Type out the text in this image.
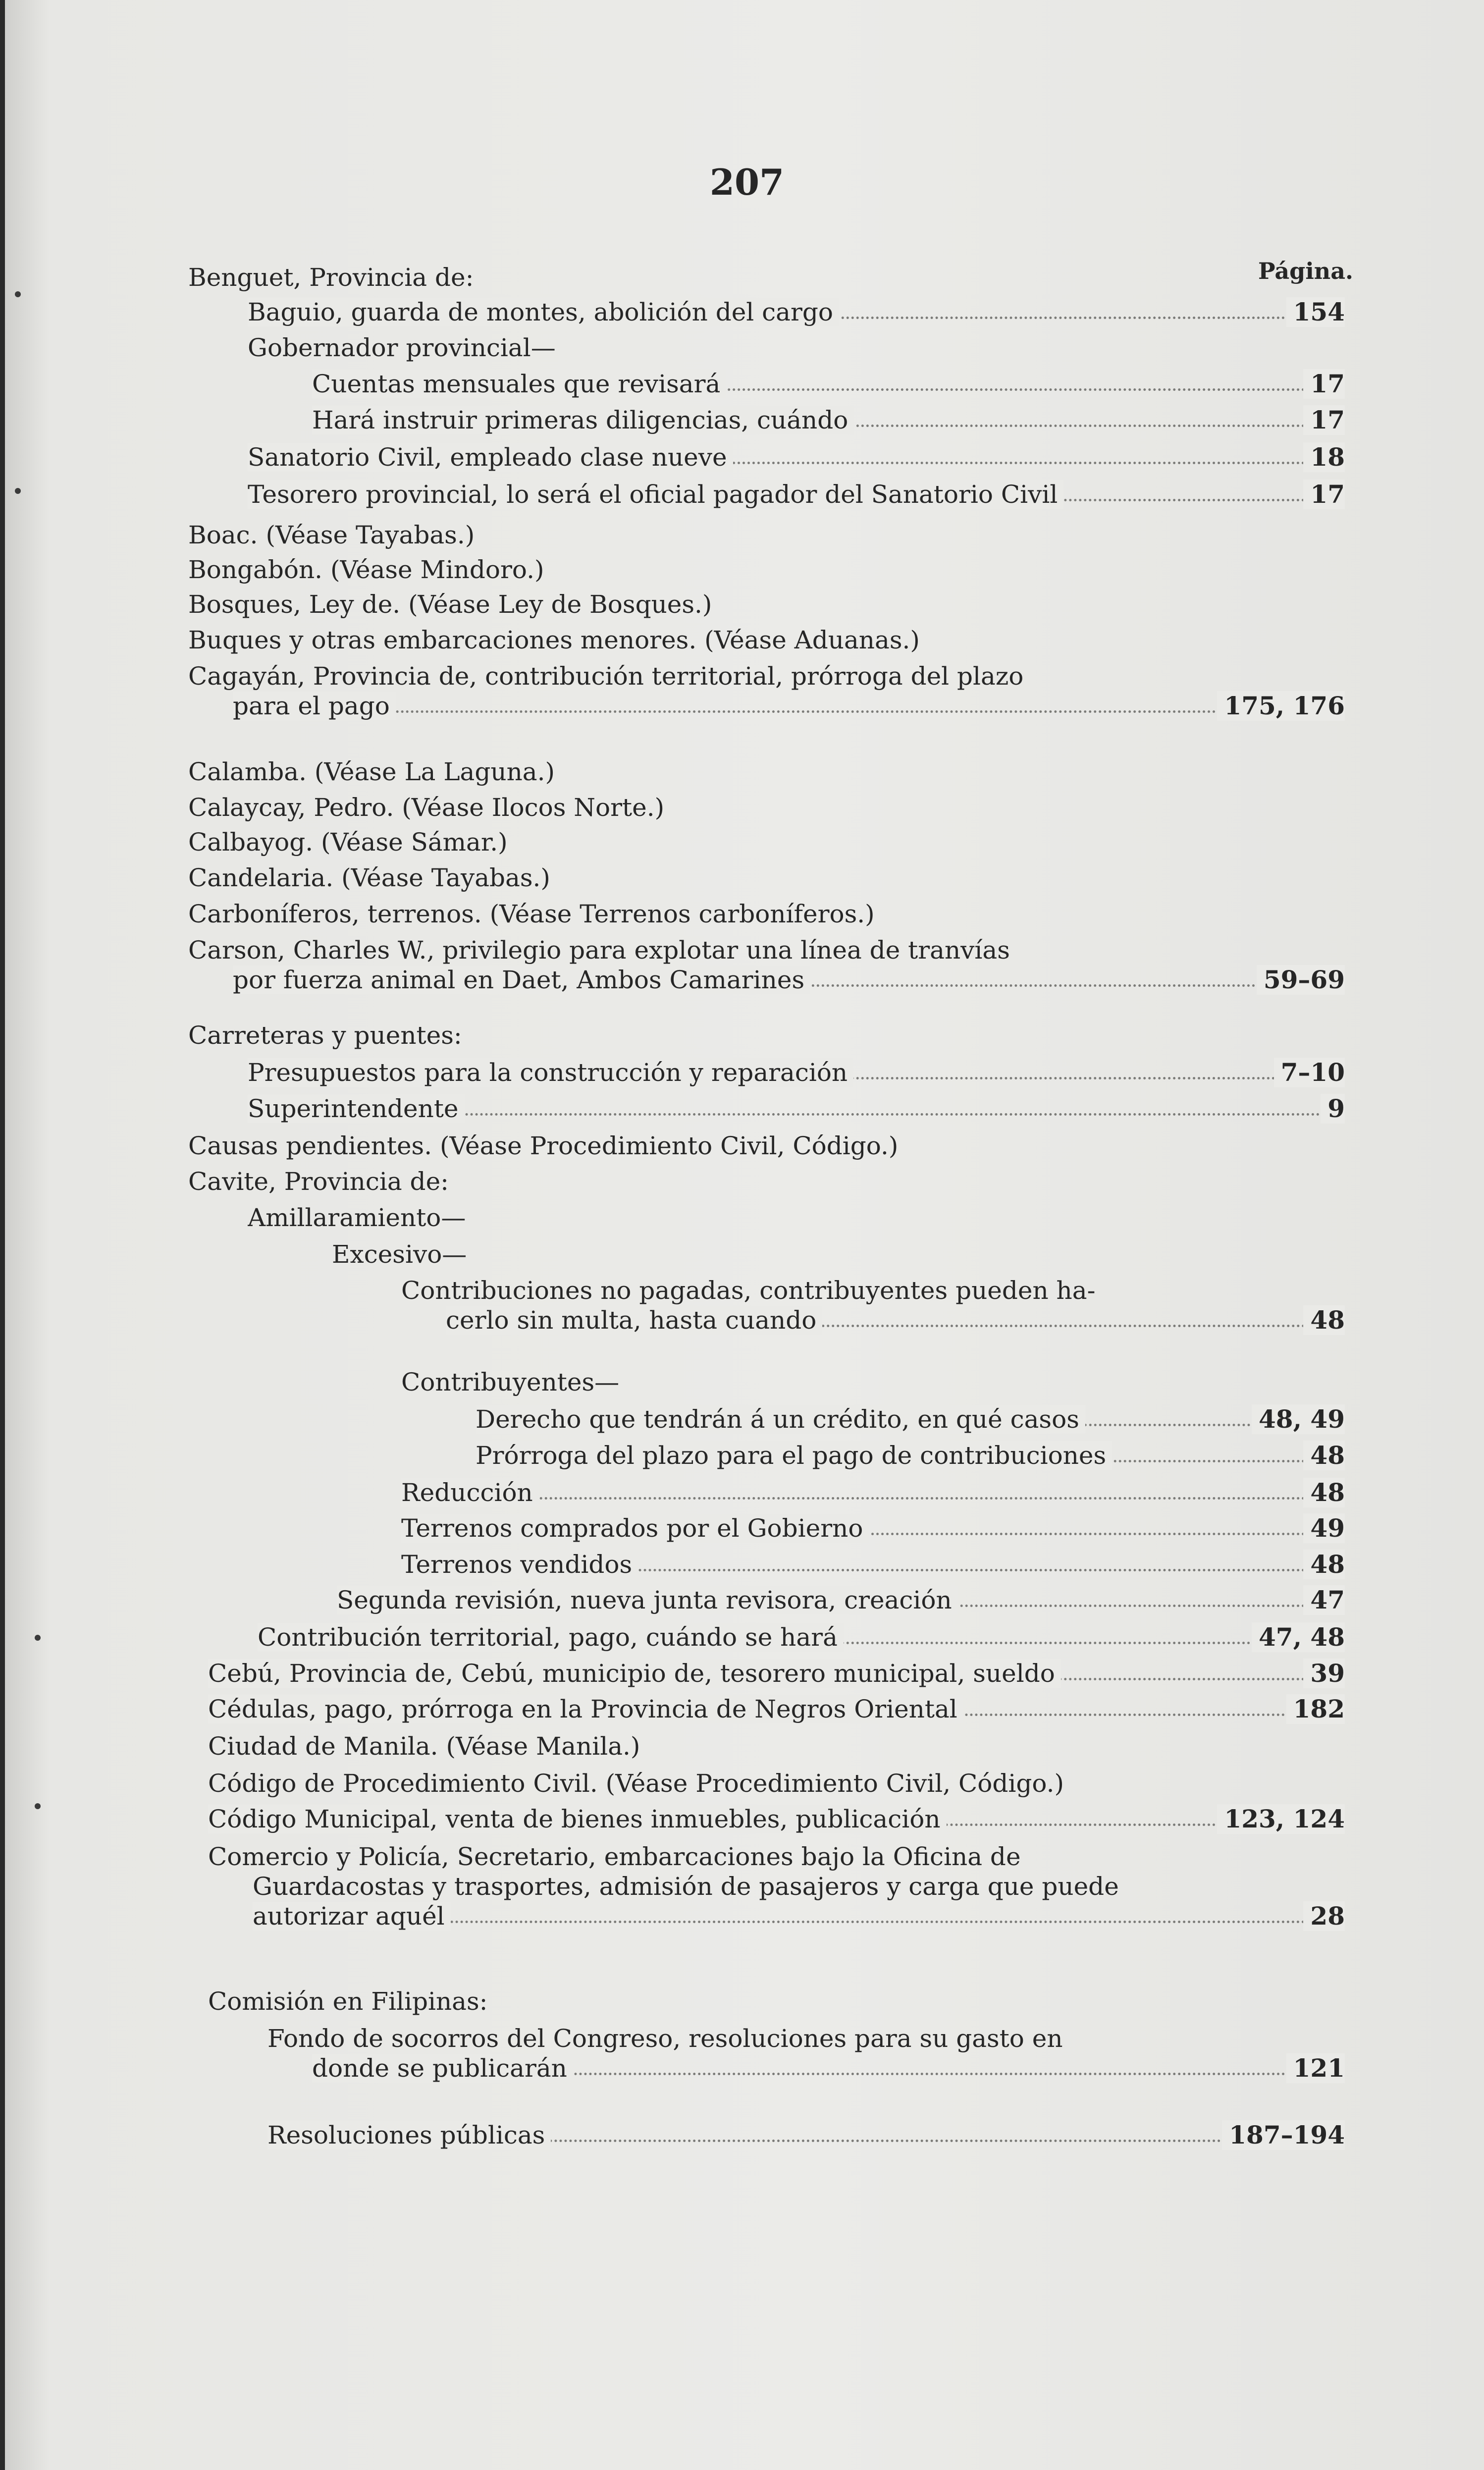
207
Página.
Benguet, Provincia de:
Baguio, guarda de montes, abolición del cargo	154
Gobernador provincial—
Cuentas mensuales que revisará	17
Hará instruir primeras diligencias, cuándo	17
Sanatorio Civil, empleado clase nueve	18
Tesorero provincial, lo será el oficial pagador del Sanatorio Civil	17
Boac. (Véase Tayabas.)
Bongabón. (Véase Mindoro.)
Bosques, Ley de. (Véase Ley de Bosques.)
Buques y otras embarcaciones menores. (Véase Aduanas.)
Cagayán, Provincia de, contribución territorial, prórroga del plazo
para el pago	175, 176
Calamba. (Véase La Laguna.)
Calaycay, Pedro. (Véase Ilocos Norte.)
Calbayog. (Véase Sámar.)
Candelaria. (Véase Tayabas.)
Carboníferos, terrenos. (Véase Terrenos carboníferos.)
Carson, Charles W., privilegio para explotar una línea de tranvías
por fuerza animal en Daet, Ambos Camarines	59–69
Carreteras y puentes:
Presupuestos para la construcción y reparación	7–10
Superintendente	9
Causas pendientes. (Véase Procedimiento Civil, Código.)
Cavite, Provincia de:
Amillaramiento—
Excesivo—
Contribuciones no pagadas, contribuyentes pueden ha-
cerlo sin multa, hasta cuando	48
Contribuyentes—
Derecho que tendrán á un crédito, en qué casos	48, 49
Prórroga del plazo para el pago de contribuciones	48
Reducción	48
Terrenos comprados por el Gobierno	49
Terrenos vendidos	48
Segunda revisión, nueva junta revisora, creación	47
Contribución territorial, pago, cuándo se hará	47, 48
Cebú, Provincia de, Cebú, municipio de, tesorero municipal, sueldo	39
Cédulas, pago, prórroga en la Provincia de Negros Oriental	182
Ciudad de Manila. (Véase Manila.)
Código de Procedimiento Civil. (Véase Procedimiento Civil, Código.)
Código Municipal, venta de bienes inmuebles, publicación	123, 124
Comercio y Policía, Secretario, embarcaciones bajo la Oficina de
Guardacostas y trasportes, admisión de pasajeros y carga que puede
autorizar aquél	28
Comisión en Filipinas:
Fondo de socorros del Congreso, resoluciones para su gasto en
donde se publicarán	121
Resoluciones públicas	187–194
